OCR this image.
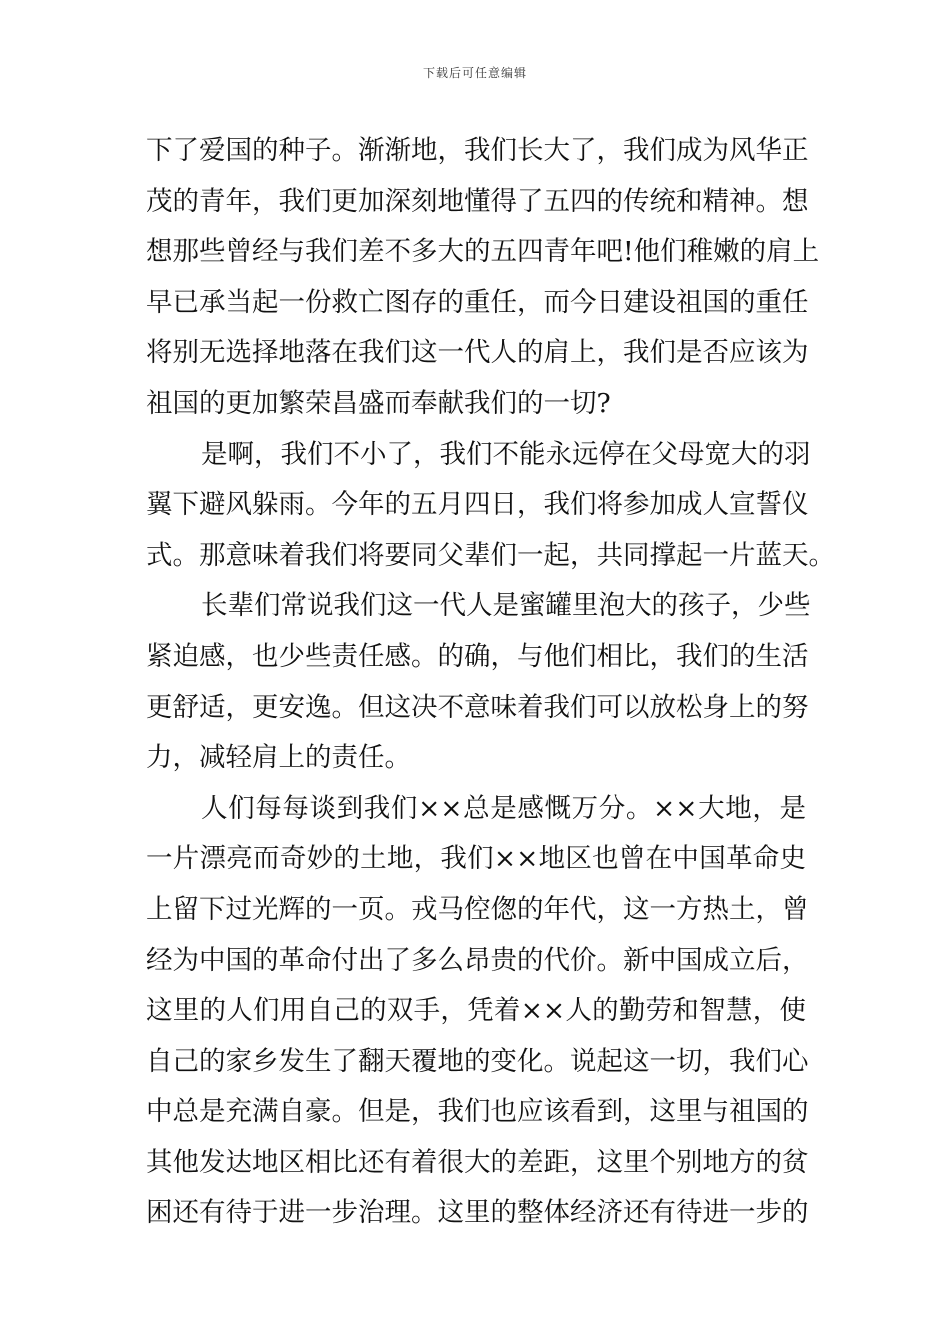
下载后可任意编辑
下了爱国的种子。渐渐地，我们长大了，我们成为风华正
茂的青年，我们更加深刻地懂得了五四的传统和精神。想
想那些曾经与我们差不多大的五四青年吧!他们稚嫩的肩上
早已承当起一份救亡图存的重任，而今日建设祖国的重任
将别无选择地落在我们这一代人的肩上，我们是否应该为
祖国的更加繁荣昌盛而奉献我们的一切?
是啊，我们不小了，我们不能永远停在父母宽大的羽
翼下避风躲雨。今年的五月四日，我们将参加成人宣誓仪
式。那意味着我们将要同父辈们一起，共同撑起一片蓝天。
长辈们常说我们这一代人是蜜罐里泡大的孩子，少些
紧迫感，也少些责任感。的确，与他们相比，我们的生活
更舒适，更安逸。但这决不意味着我们可以放松身上的努
力，减轻肩上的责任。
人们每每谈到我们××总是感慨万分。××大地，是
一片漂亮而奇妙的土地，我们××地区也曾在中国革命史
上留下过光辉的一页。戎马倥偬的年代，这一方热土，曾
经为中国的革命付出了多么昂贵的代价。新中国成立后，
这里的人们用自己的双手，凭着××人的勤劳和智慧，使
自己的家乡发生了翻天覆地的变化。说起这一切，我们心
中总是充满自豪。但是，我们也应该看到，这里与祖国的
其他发达地区相比还有着很大的差距，这里个别地方的贫
困还有待于进一步治理。这里的整体经济还有待进一步的
